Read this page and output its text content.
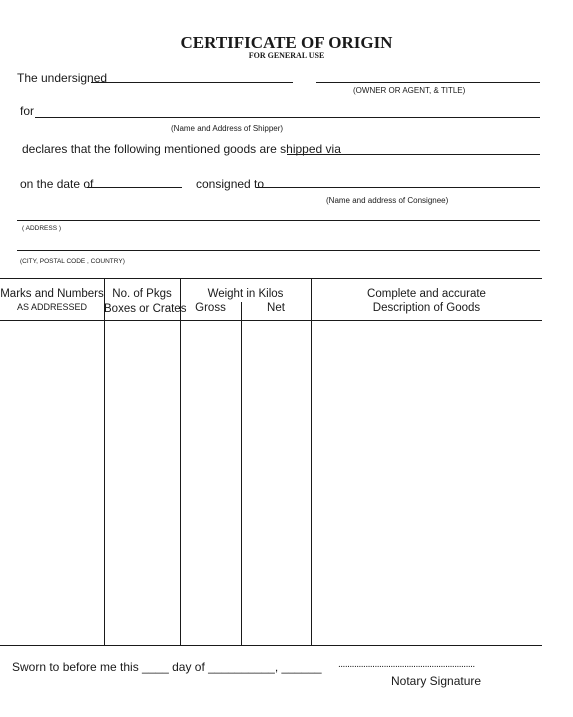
CERTIFICATE OF ORIGIN
FOR GENERAL USE
The undersigned
(OWNER OR AGENT, & TITLE)
for
(Name and Address of Shipper)
declares that the following mentioned goods are shipped via
on the date of	consigned to
(Name and address of Consignee)
( ADDRESS )
(CITY, POSTAL CODE , COUNTRY)
Marks and Numbers
AS ADDRESSED
No. of Pkgs
Boxes or Crates
Weight in Kilos
Gross	Net
Complete and accurate
Description of Goods
Sworn to before me this ____ day of __________, ______ ............................................................
Notary Signature
